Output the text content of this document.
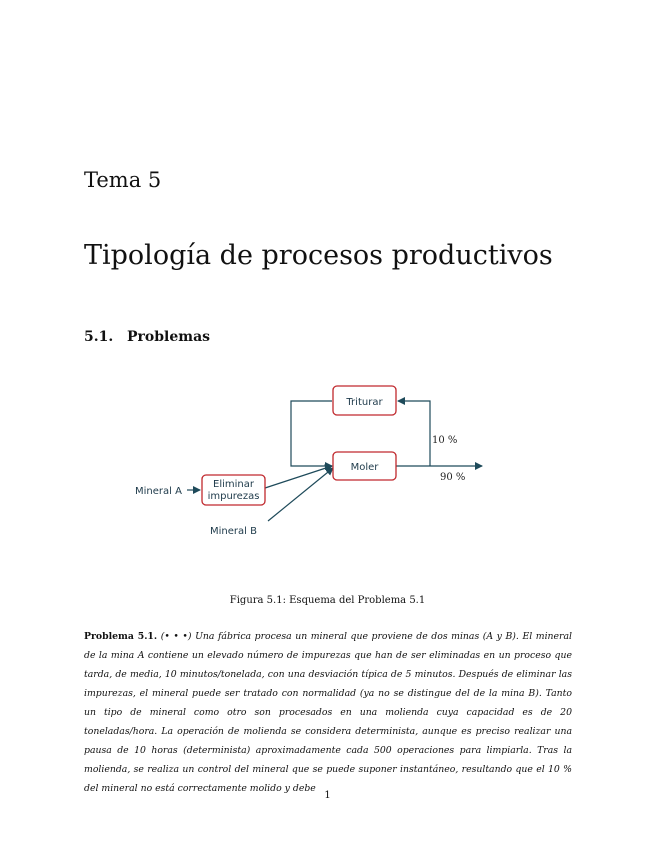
Tema 5
Tipología de procesos productivos
5.1. Problemas
Triturar
Moler
Eliminar
impurezas
Mineral A
Mineral B
10 %
90 %
Figura 5.1: Esquema del Problema 5.1
Problema 5.1. (• • •) Una fábrica procesa un mineral que proviene de dos minas (A y B). El mineral de la mina A contiene un elevado número de impurezas que han de ser eliminadas en un proceso que tarda, de media, 10 minutos/tonelada, con una desviación típica de 5 minutos. Después de eliminar las impurezas, el mineral puede ser tratado con normalidad (ya no se distingue del de la mina B). Tanto un tipo de mineral como otro son procesados en una molienda cuya capacidad es de 20 toneladas/hora. La operación de molienda se considera determinista, aunque es preciso realizar una pausa de 10 horas (determinista) aproximadamente cada 500 operaciones para limpiarla. Tras la molienda, se realiza un control del mineral que se puede suponer instantáneo, resultando que el 10 % del mineral no está correctamente molido y debe
1
